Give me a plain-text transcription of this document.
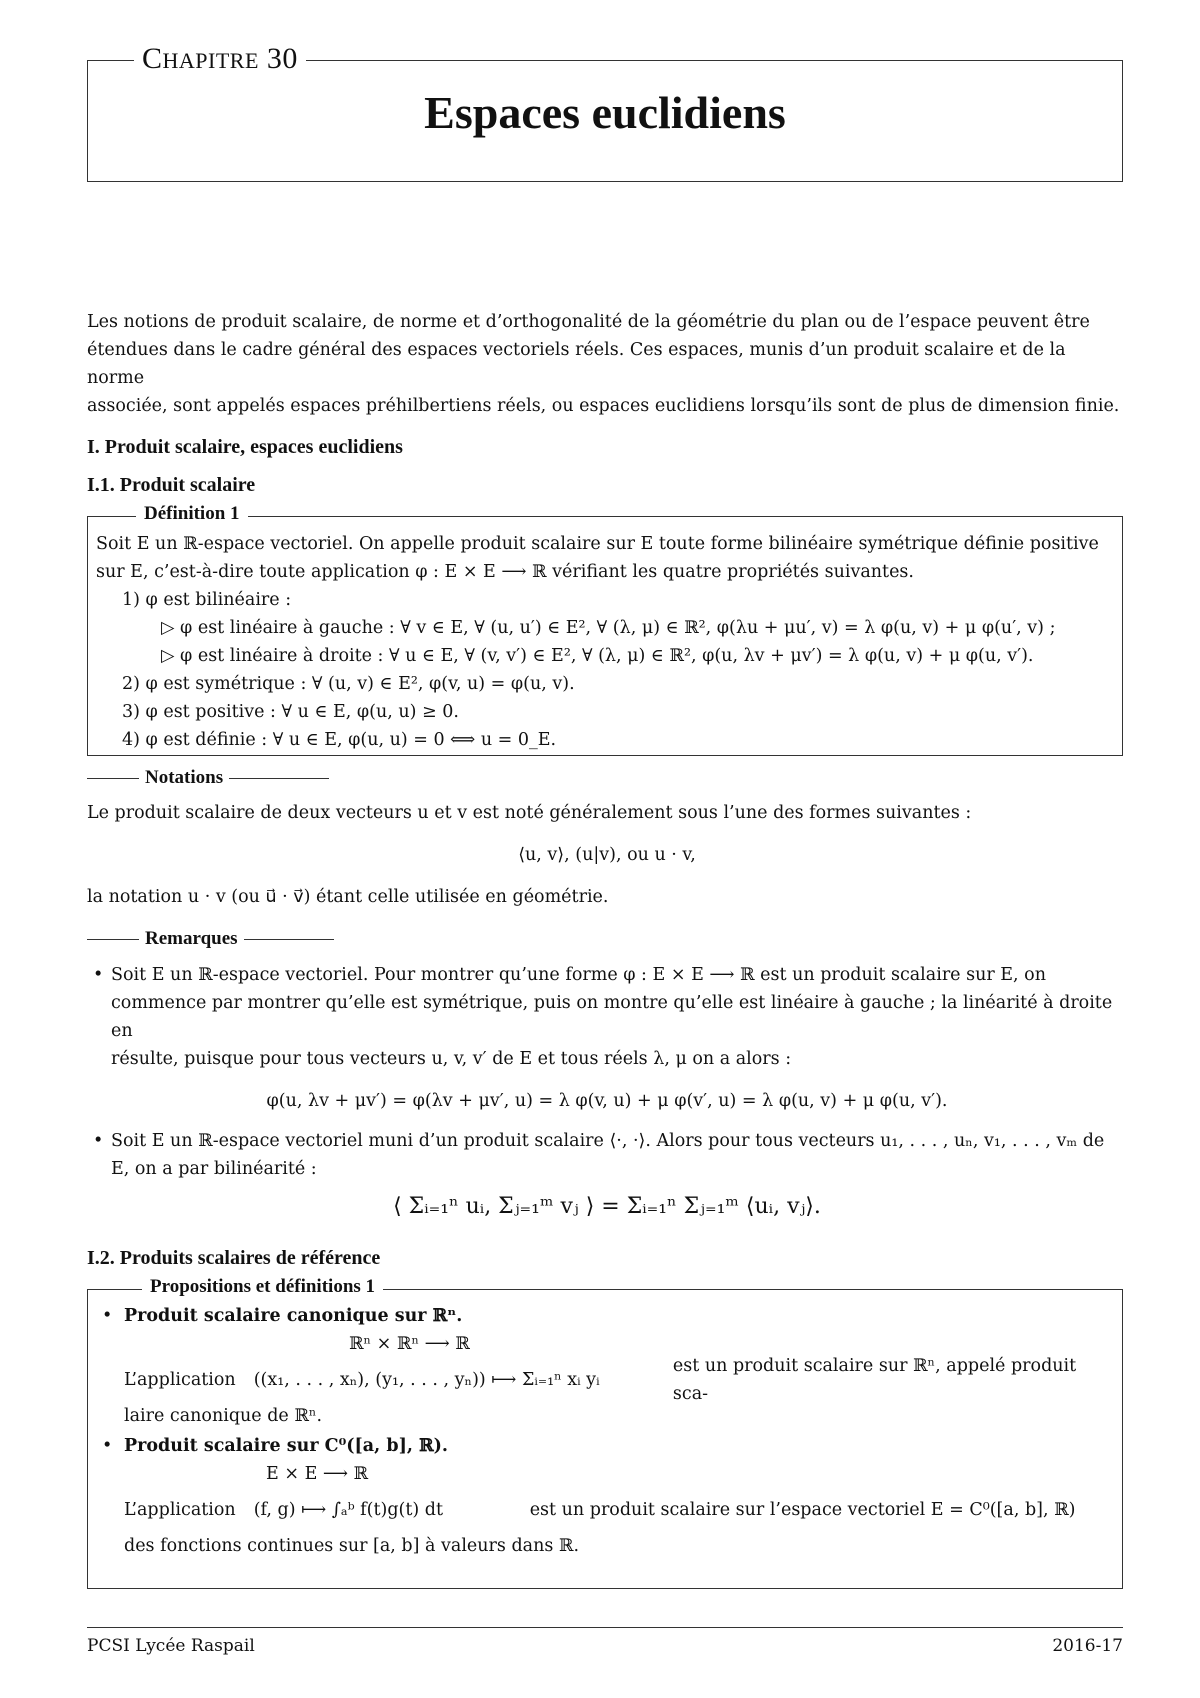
CHAPITRE 30
Espaces euclidiens
Les notions de produit scalaire, de norme et d’orthogonalité de la géométrie du plan ou de l’espace peuvent être
étendues dans le cadre général des espaces vectoriels réels. Ces espaces, munis d’un produit scalaire et de la norme
associée, sont appelés espaces préhilbertiens réels, ou espaces euclidiens lorsqu’ils sont de plus de dimension finie.
I. Produit scalaire, espaces euclidiens
I.1. Produit scalaire
Définition 1
Soit E un ℝ-espace vectoriel. On appelle produit scalaire sur E toute forme bilinéaire symétrique définie positive
sur E, c’est-à-dire toute application φ : E × E ⟶ ℝ vérifiant les quatre propriétés suivantes.
1) φ est bilinéaire :
▷ φ est linéaire à gauche : ∀ v ∈ E, ∀ (u, u′) ∈ E², ∀ (λ, μ) ∈ ℝ², φ(λu + μu′, v) = λ φ(u, v) + μ φ(u′, v) ;
▷ φ est linéaire à droite : ∀ u ∈ E, ∀ (v, v′) ∈ E², ∀ (λ, μ) ∈ ℝ², φ(u, λv + μv′) = λ φ(u, v) + μ φ(u, v′).
2) φ est symétrique : ∀ (u, v) ∈ E², φ(v, u) = φ(u, v).
3) φ est positive : ∀ u ∈ E, φ(u, u) ≥ 0.
4) φ est définie : ∀ u ∈ E, φ(u, u) = 0 ⟺ u = 0_E.
Notations
Le produit scalaire de deux vecteurs u et v est noté généralement sous l’une des formes suivantes :
⟨u, v⟩, (u|v), ou u · v,
la notation u · v (ou u⃗ · v⃗) étant celle utilisée en géométrie.
Remarques
• Soit E un ℝ-espace vectoriel. Pour montrer qu’une forme φ : E × E ⟶ ℝ est un produit scalaire sur E, on
commence par montrer qu’elle est symétrique, puis on montre qu’elle est linéaire à gauche ; la linéarité à droite en
résulte, puisque pour tous vecteurs u, v, v′ de E et tous réels λ, μ on a alors :
φ(u, λv + μv′) = φ(λv + μv′, u) = λ φ(v, u) + μ φ(v′, u) = λ φ(u, v) + μ φ(u, v′).
• Soit E un ℝ-espace vectoriel muni d’un produit scalaire ⟨·, ·⟩. Alors pour tous vecteurs u₁, . . . , uₙ, v₁, . . . , vₘ de
E, on a par bilinéarité :
⟨ Σᵢ₌₁ⁿ uᵢ, Σⱼ₌₁ᵐ vⱼ ⟩ = Σᵢ₌₁ⁿ Σⱼ₌₁ᵐ ⟨uᵢ, vⱼ⟩.
I.2. Produits scalaires de référence
Propositions et définitions 1
• Produit scalaire canonique sur ℝⁿ.
ℝⁿ × ℝⁿ ⟶ ℝ
L’application ((x₁, . . . , xₙ), (y₁, . . . , yₙ)) ⟼ Σᵢ₌₁ⁿ xᵢ yᵢ
est un produit scalaire sur ℝⁿ, appelé produit sca-
laire canonique de ℝⁿ.
• Produit scalaire sur C⁰([a, b], ℝ).
E × E ⟶ ℝ
L’application (f, g) ⟼ ∫ₐᵇ f(t)g(t) dt	est un produit scalaire sur l’espace vectoriel E = C⁰([a, b], ℝ)
des fonctions continues sur [a, b] à valeurs dans ℝ.
PCSI Lycée Raspail	2016-17
